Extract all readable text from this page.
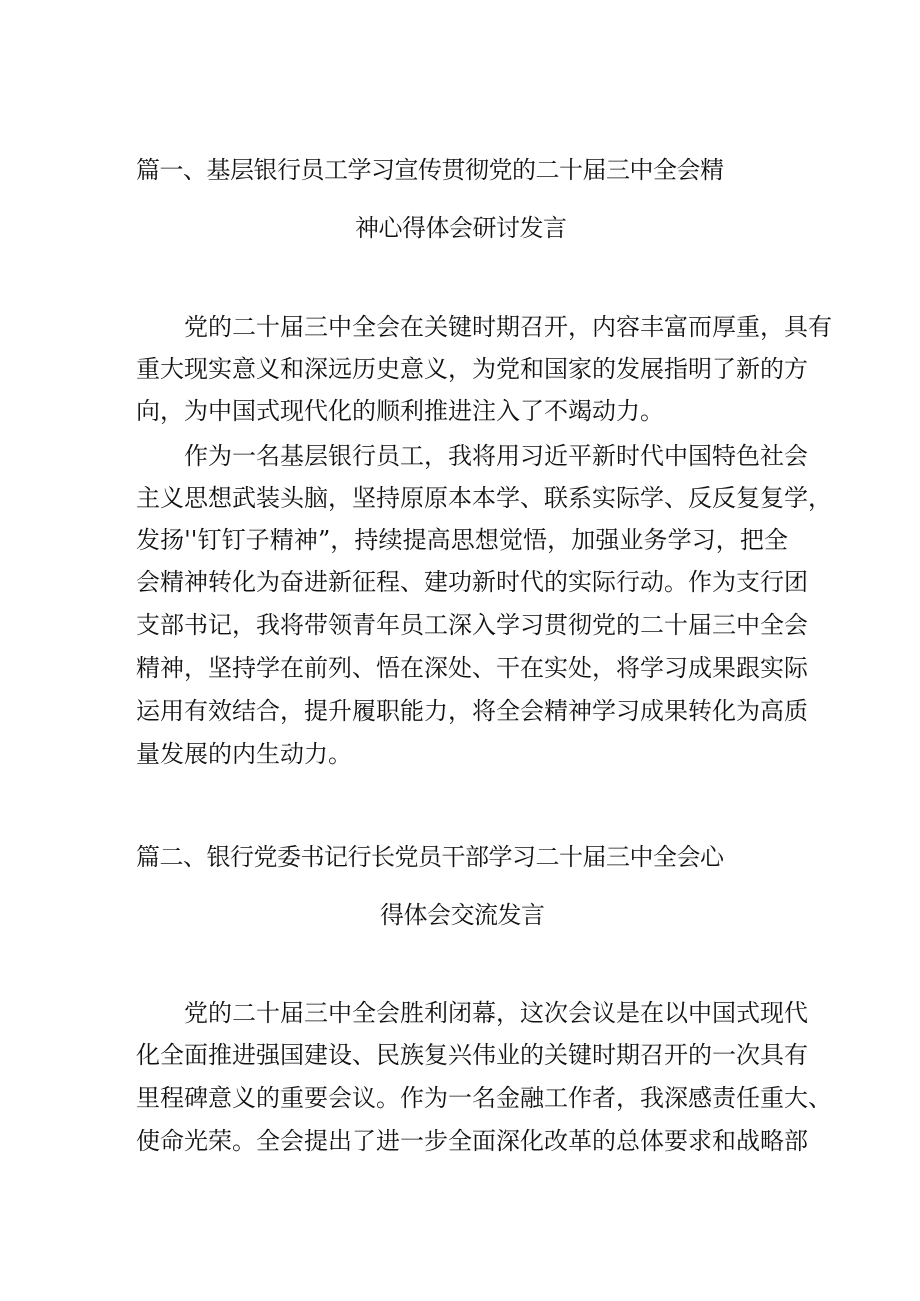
篇一、基层银行员工学习宣传贯彻党的二十届三中全会精
神心得体会研讨发言
党的二十届三中全会在关键时期召开，内容丰富而厚重，具有
重大现实意义和深远历史意义，为党和国家的发展指明了新的方
向，为中国式现代化的顺利推进注入了不竭动力。
作为一名基层银行员工，我将用习近平新时代中国特色社会
主义思想武装头脑，坚持原原本本学、联系实际学、反反复复学，
发扬''钉钉子精神”，持续提高思想觉悟，加强业务学习，把全
会精神转化为奋进新征程、建功新时代的实际行动。作为支行团
支部书记，我将带领青年员工深入学习贯彻党的二十届三中全会
精神，坚持学在前列、悟在深处、干在实处，将学习成果跟实际
运用有效结合，提升履职能力，将全会精神学习成果转化为高质
量发展的内生动力。
篇二、银行党委书记行长党员干部学习二十届三中全会心
得体会交流发言
党的二十届三中全会胜利闭幕，这次会议是在以中国式现代
化全面推进强国建设、民族复兴伟业的关键时期召开的一次具有
里程碑意义的重要会议。作为一名金融工作者，我深感责任重大、
使命光荣。全会提出了进一步全面深化改革的总体要求和战略部
